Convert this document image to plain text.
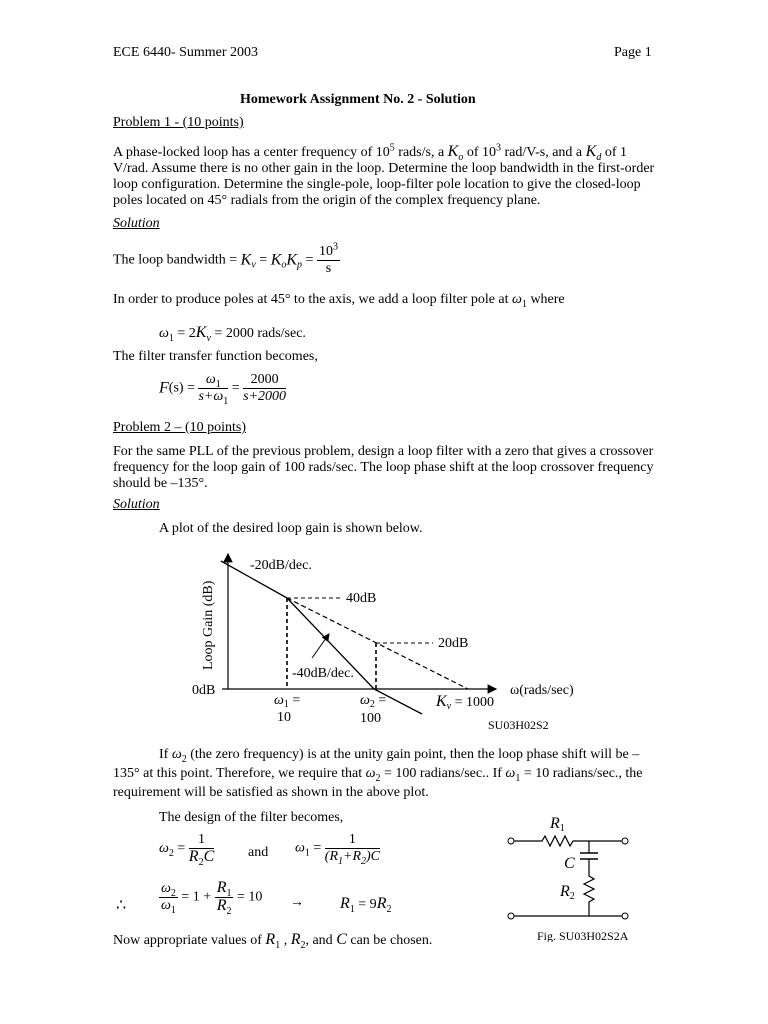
ECE 6440- Summer 2003	Page 1
Homework Assignment No. 2 - Solution
Problem 1 - (10 points)
A phase-locked loop has a center frequency of $10^5$ rads/s, a $K_o$ of $10^3$ rad/V-s, and a $K_d$ of 1 V/rad. Assume there is no other gain in the loop. Determine the loop bandwidth in the first-order loop configuration. Determine the single-pole, loop-filter pole location to give the closed-loop poles located on 45° radials from the origin of the complex frequency plane.
Solution
The loop bandwidth = $K_v = K_oK_p = \frac{10^3}{s}$
In order to produce poles at 45° to the axis, we add a loop filter pole at $\omega_1$ where
$\omega_1 = 2K_v = 2000$ rads/sec.
The filter transfer function becomes,
$F(s) = \frac{\omega_1}{s+\omega_1} = \frac{2000}{s+2000}$
Problem 2 – (10 points)
For the same PLL of the previous problem, design a loop filter with a zero that gives a crossover frequency for the loop gain of 100 rads/sec. The loop phase shift at the loop crossover frequency should be –135°.
Solution
A plot of the desired loop gain is shown below.
Loop Gain (dB)
-20dB/dec.
40dB
20dB
-40dB/dec.
0dB	ω(rads/sec)
$\omega_1$ =
10
$\omega_2$ =
100
$K_v = 1000$
SU03H02S2
If $\omega_2$ (the zero frequency) is at the unity gain point, then the loop phase shift will be –135° at this point. Therefore, we require that $\omega_2 = 100$ radians/sec.. If $\omega_1 = 10$ radians/sec., the requirement will be satisfied as shown in the above plot.
The design of the filter becomes,
$\omega_2 = \frac{1}{R_2C}$ and $\omega_1 = \frac{1}{(R_1+R_2)C}$
∴ $\frac{\omega_2}{\omega_1} = 1 + \frac{R_1}{R_2} = 10 \to R_1 = 9R_2$
Now appropriate values of $R_1$ , $R_2$, and C can be chosen.
R1
C
R2
Fig. SU03H02S2A
